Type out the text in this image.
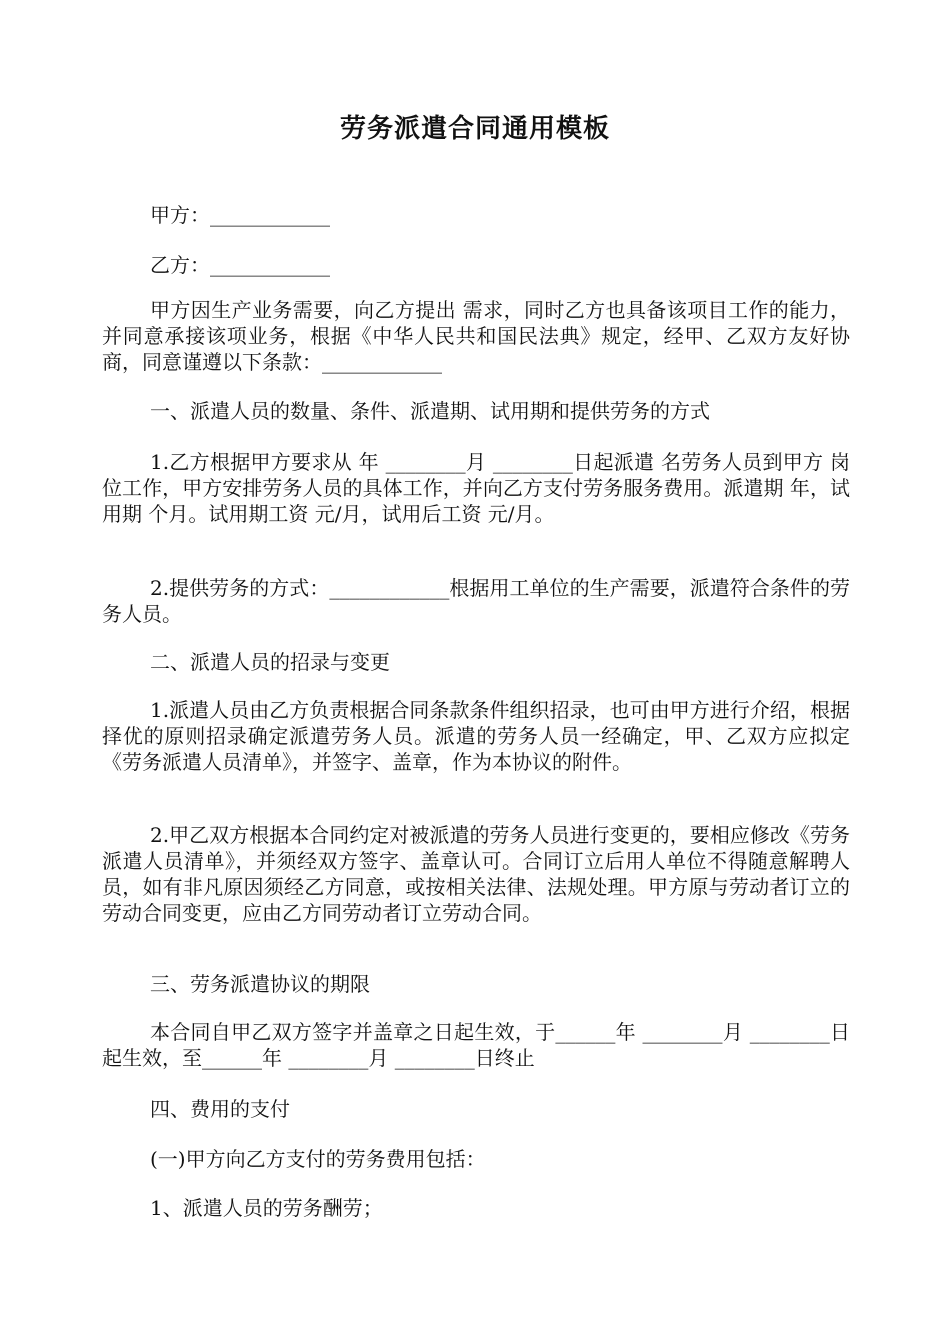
劳务派遣合同通用模板
甲方：____________
乙方：____________
甲方因生产业务需要，向乙方提出 需求，同时乙方也具备该项目工作的能力，并同意承接该项业务，根据《中华人民共和国民法典》规定，经甲、乙双方友好协商，同意谨遵以下条款：____________
一、派遣人员的数量、条件、派遣期、试用期和提供劳务的方式
1.乙方根据甲方要求从 年 ________月 ________日起派遣 名劳务人员到甲方 岗位工作，甲方安排劳务人员的具体工作，并向乙方支付劳务服务费用。派遣期 年，试用期 个月。试用期工资 元/月，试用后工资 元/月。
2.提供劳务的方式：____________根据用工单位的生产需要，派遣符合条件的劳务人员。
二、派遣人员的招录与变更
1.派遣人员由乙方负责根据合同条款条件组织招录，也可由甲方进行介绍，根据择优的原则招录确定派遣劳务人员。派遣的劳务人员一经确定，甲、乙双方应拟定《劳务派遣人员清单》，并签字、盖章，作为本协议的附件。
2.甲乙双方根据本合同约定对被派遣的劳务人员进行变更的，要相应修改《劳务派遣人员清单》，并须经双方签字、盖章认可。合同订立后用人单位不得随意解聘人员，如有非凡原因须经乙方同意，或按相关法律、法规处理。甲方原与劳动者订立的劳动合同变更，应由乙方同劳动者订立劳动合同。
三、劳务派遣协议的期限
本合同自甲乙双方签字并盖章之日起生效，于______年 ________月 ________日起生效，至______年 ________月 ________日终止
四、费用的支付
(一)甲方向乙方支付的劳务费用包括：
1、派遣人员的劳务酬劳；
